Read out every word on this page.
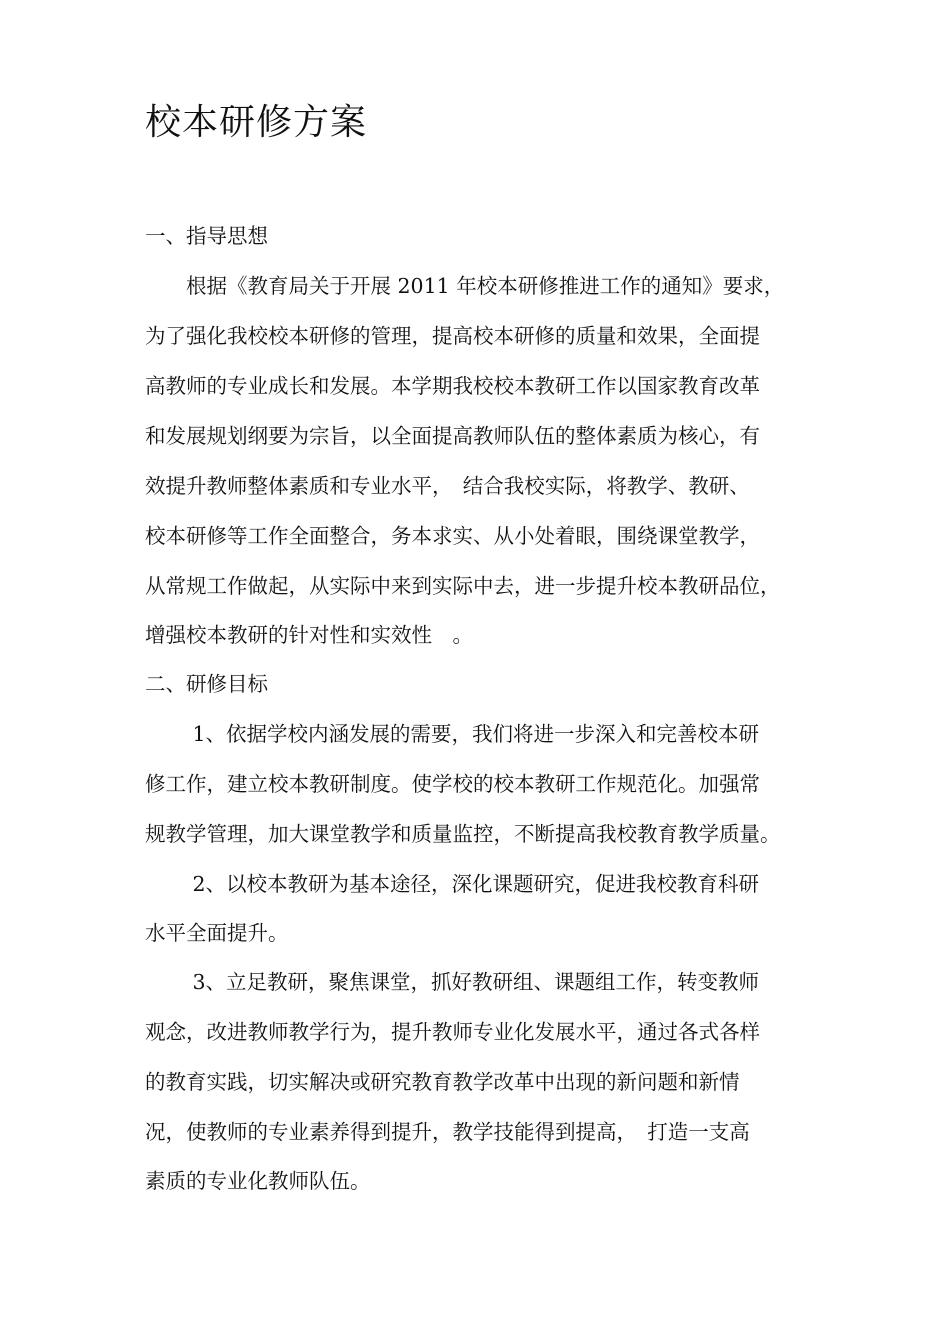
校本研修方案
一、指导思想
　　根据《教育局关于开展 2011 年校本研修推进工作的通知》要求，
为了强化我校校本研修的管理，提高校本研修的质量和效果，全面提
高教师的专业成长和发展。本学期我校校本教研工作以国家教育改革
和发展规划纲要为宗旨，以全面提高教师队伍的整体素质为核心，有
效提升教师整体素质和专业水平，　结合我校实际，将教学、教研、
校本研修等工作全面整合，务本求实、从小处着眼，围绕课堂教学，
从常规工作做起，从实际中来到实际中去，进一步提升校本教研品位，
增强校本教研的针对性和实效性　。
二、研修目标
　　 1、依据学校内涵发展的需要，我们将进一步深入和完善校本研
修工作，建立校本教研制度。使学校的校本教研工作规范化。加强常
规教学管理，加大课堂教学和质量监控，不断提高我校教育教学质量。
　　 2、以校本教研为基本途径，深化课题研究，促进我校教育科研
水平全面提升。
　　 3、立足教研，聚焦课堂，抓好教研组、课题组工作，转变教师
观念，改进教师教学行为，提升教师专业化发展水平，通过各式各样
的教育实践，切实解决或研究教育教学改革中出现的新问题和新情
况，使教师的专业素养得到提升，教学技能得到提高，　打造一支高
素质的专业化教师队伍。
